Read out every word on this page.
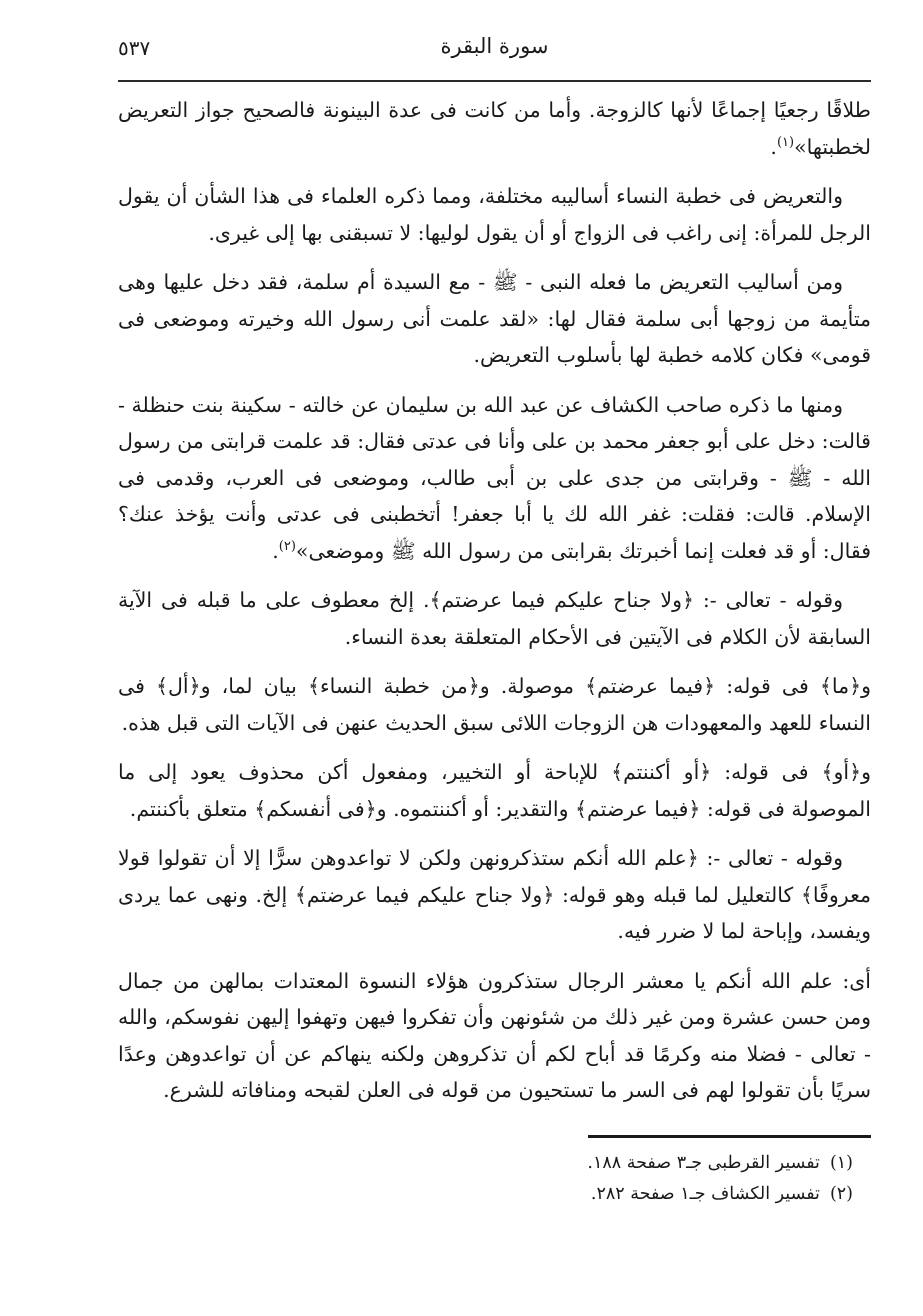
سورة البقرة
٥٣٧

طلاقًا رجعيًا إجماعًا لأنها كالزوجة. وأما من كانت فى عدة البينونة فالصحيح جواز التعريض لخطبتها»$^{(١)}$.

والتعريض فى خطبة النساء أساليبه مختلفة، ومما ذكره العلماء فى هذا الشأن أن يقول الرجل للمرأة: إنى راغب فى الزواج أو أن يقول لوليها: لا تسبقنى بها إلى غيرى.

ومن أساليب التعريض ما فعله النبى - ﷺ - مع السيدة أم سلمة، فقد دخل عليها وهى متأيمة من زوجها أبى سلمة فقال لها: «لقد علمت أنى رسول الله وخيرته وموضعى فى قومى» فكان كلامه خطبة لها بأسلوب التعريض.

ومنها ما ذكره صاحب الكشاف عن عبد الله بن سليمان عن خالته - سكينة بنت حنظلة - قالت: دخل على أبو جعفر محمد بن على وأنا فى عدتى فقال: قد علمت قرابتى من رسول الله - ﷺ - وقرابتى من جدى على بن أبى طالب، وموضعى فى العرب، وقدمى فى الإسلام. قالت: فقلت: غفر الله لك يا أبا جعفر! أتخطبنى فى عدتى وأنت يؤخذ عنك؟ فقال: أو قد فعلت إنما أخبرتك بقرابتى من رسول الله ﷺ وموضعى»$^{(٢)}$.

وقوله - تعالى -: ﴿ولا جناح عليكم فيما عرضتم﴾. إلخ معطوف على ما قبله فى الآية السابقة لأن الكلام فى الآيتين فى الأحكام المتعلقة بعدة النساء.

و﴿ما﴾ فى قوله: ﴿فيما عرضتم﴾ موصولة. و﴿من خطبة النساء﴾ بيان لما، و﴿أل﴾ فى النساء للعهد والمعهودات هن الزوجات اللائى سبق الحديث عنهن فى الآيات التى قبل هذه.

و﴿أو﴾ فى قوله: ﴿أو أكننتم﴾ للإباحة أو التخيير، ومفعول أكن محذوف يعود إلى ما الموصولة فى قوله: ﴿فيما عرضتم﴾ والتقدير: أو أكننتموه. و﴿فى أنفسكم﴾ متعلق بأكننتم.

وقوله - تعالى -: ﴿علم الله أنكم ستذكرونهن ولكن لا تواعدوهن سرًّا إلا أن تقولوا قولا معروفًا﴾ كالتعليل لما قبله وهو قوله: ﴿ولا جناح عليكم فيما عرضتم﴾ إلخ. ونهى عما يردى ويفسد، وإباحة لما لا ضرر فيه.

أى: علم الله أنكم يا معشر الرجال ستذكرون هؤلاء النسوة المعتدات بمالهن من جمال ومن حسن عشرة ومن غير ذلك من شئونهن وأن تفكروا فيهن وتهفوا إليهن نفوسكم، والله - تعالى - فضلا منه وكرمًا قد أباح لكم أن تذكروهن ولكنه ينهاكم عن أن تواعدوهن وعدًا سريًا بأن تقولوا لهم فى السر ما تستحيون من قوله فى العلن لقبحه ومنافاته للشرع.

(١)تفسير القرطبى جـ٣ صفحة ١٨٨.
(٢)تفسير الكشاف جـ١ صفحة ٢٨٢.
